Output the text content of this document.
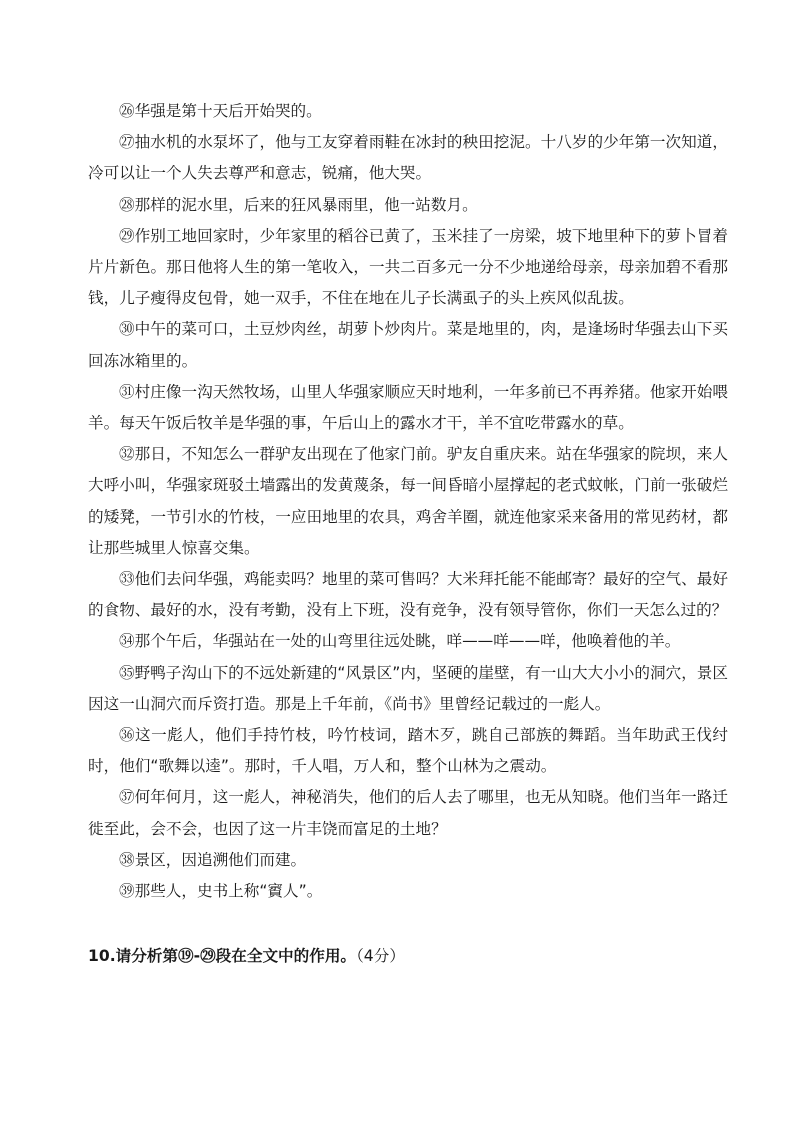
㉖华强是第十天后开始哭的。

㉗抽水机的水泵坏了，他与工友穿着雨鞋在冰封的秧田挖泥。十八岁的少年第一次知道，冷可以让一个人失去尊严和意志，锐痛，他大哭。

㉘那样的泥水里，后来的狂风暴雨里，他一站数月。

㉙作别工地回家时，少年家里的稻谷已黄了，玉米挂了一房梁，坡下地里种下的萝卜冒着片片新色。那日他将人生的第一笔收入，一共二百多元一分不少地递给母亲，母亲加碧不看那钱，儿子瘦得皮包骨，她一双手，不住在地在儿子长满虱子的头上疾风似乱拔。

㉚中午的菜可口，土豆炒肉丝，胡萝卜炒肉片。菜是地里的，肉，是逢场时华强去山下买回冻冰箱里的。

㉛村庄像一沟天然牧场，山里人华强家顺应天时地利，一年多前已不再养猪。他家开始喂羊。每天午饭后牧羊是华强的事，午后山上的露水才干，羊不宜吃带露水的草。

㉜那日，不知怎么一群驴友出现在了他家门前。驴友自重庆来。站在华强家的院坝，来人大呼小叫，华强家斑驳土墙露出的发黄蔑条，每一间昏暗小屋撑起的老式蚊帐，门前一张破烂的矮凳，一节引水的竹枝，一应田地里的农具，鸡舍羊圈，就连他家采来备用的常见药材，都让那些城里人惊喜交集。

㉝他们去问华强，鸡能卖吗？地里的菜可售吗？大米拜托能不能邮寄？最好的空气、最好的食物、最好的水，没有考勤，没有上下班，没有竞争，没有领导管你，你们一天怎么过的？

㉞那个午后，华强站在一处的山弯里往远处眺，咩——咩——咩，他唤着他的羊。

㉟野鸭子沟山下的不远处新建的“风景区”内，坚硬的崖壁，有一山大大小小的洞穴，景区因这一山洞穴而斥资打造。那是上千年前，《尚书》里曾经记载过的一彪人。

㊱这一彪人，他们手持竹枝，吟竹枝词，踏木歹，跳自己部族的舞蹈。当年助武王伐纣时，他们“歌舞以逵”。那时，千人唱，万人和，整个山林为之震动。

㊲何年何月，这一彪人，神秘消失，他们的后人去了哪里，也无从知晓。他们当年一路迁徙至此，会不会，也因了这一片丰饶而富足的土地？

㊳景区，因追溯他们而建。

㊴那些人，史书上称“賨人”。

10.请分析第⑲-㉙段在全文中的作用。（4分）
